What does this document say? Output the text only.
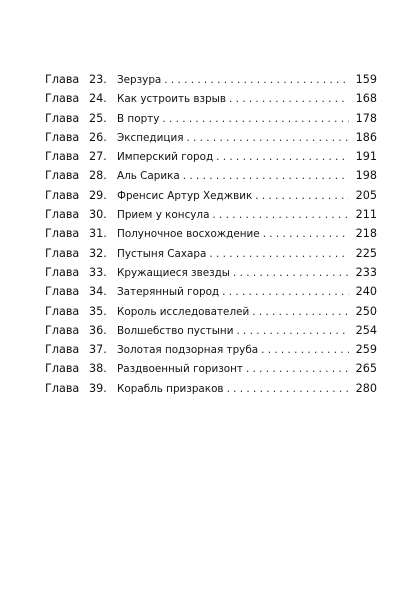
Глава 23. Зерзура . . .	159
Глава 24. Как устроить взрыв . . .	168
Глава 25. В порту . . .	178
Глава 26. Экспедиция . . .	186
Глава 27. Имперский город . . .	191
Глава 28. Аль Сарика . . .	198
Глава 29. Френсис Артур Хеджвик . . .	205
Глава 30. Прием у консула . . .	211
Глава 31. Полуночное восхождение . . .	218
Глава 32. Пустыня Сахара . . .	225
Глава 33. Кружащиеся звезды . . .	233
Глава 34. Затерянный город . . .	240
Глава 35. Король исследователей . . .	250
Глава 36. Волшебство пустыни . . .	254
Глава 37. Золотая подзорная труба . . .	259
Глава 38. Раздвоенный горизонт . . .	265
Глава 39. Корабль призраков . . .	280
